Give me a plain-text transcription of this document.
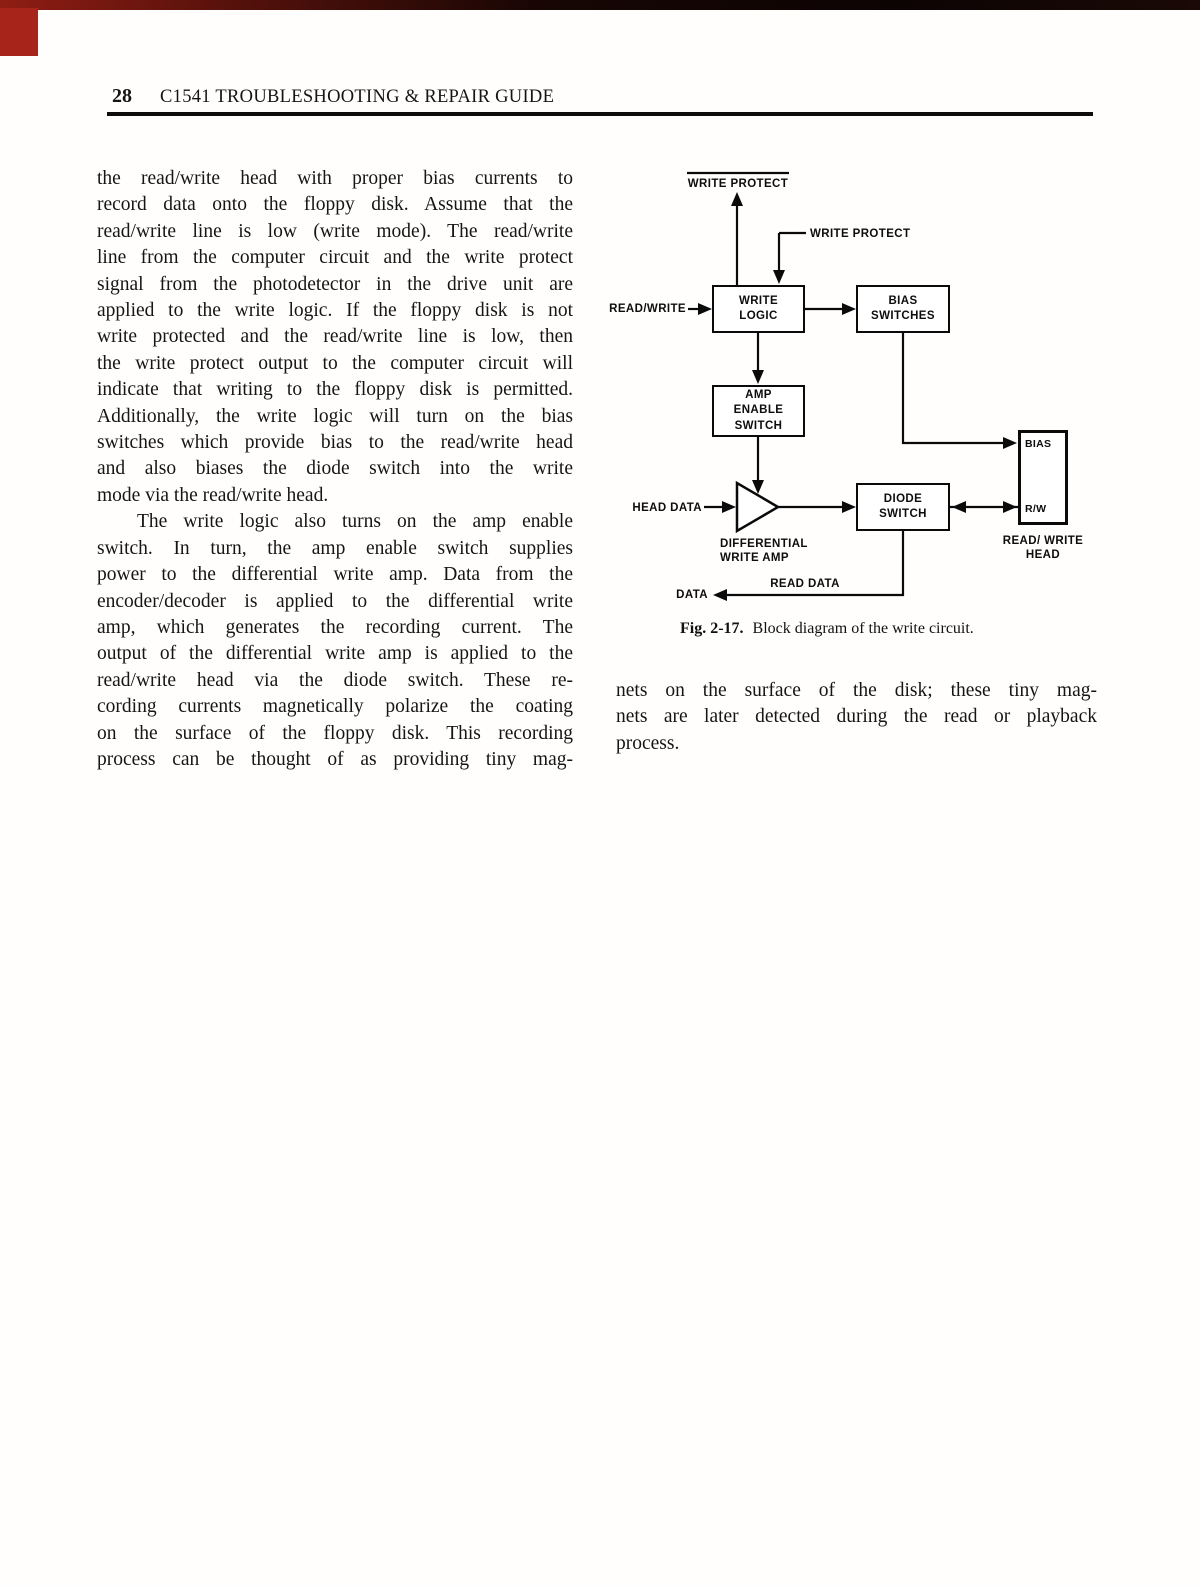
28 C1541 TROUBLESHOOTING & REPAIR GUIDE
the read/write head with proper bias currents to
record data onto the floppy disk. Assume that the
read/write line is low (write mode). The read/write
line from the computer circuit and the write protect
signal from the photodetector in the drive unit are
applied to the write logic. If the floppy disk is not
write protected and the read/write line is low, then
the write protect output to the computer circuit will
indicate that writing to the floppy disk is permitted.
Additionally, the write logic will turn on the bias
switches which provide bias to the read/write head
and also biases the diode switch into the write
mode via the read/write head.
The write logic also turns on the amp enable
switch. In turn, the amp enable switch supplies
power to the differential write amp. Data from the
encoder/decoder is applied to the differential write
amp, which generates the recording current. The
output of the differential write amp is applied to the
read/write head via the diode switch. These re-
cording currents magnetically polarize the coating
on the surface of the floppy disk. This recording
process can be thought of as providing tiny mag-
WRITE
LOGIC
BIAS
SWITCHES
AMP
ENABLE
SWITCH
DIODE
SWITCH
BIAS
R/W
WRITE PROTECT
WRITE PROTECT
READ/WRITE
HEAD DATA
DIFFERENTIAL
WRITE AMP
READ/ WRITE
HEAD
READ DATA
DATA
Fig. 2-17. Block diagram of the write circuit.
nets on the surface of the disk; these tiny mag-
nets are later detected during the read or playback
process.
